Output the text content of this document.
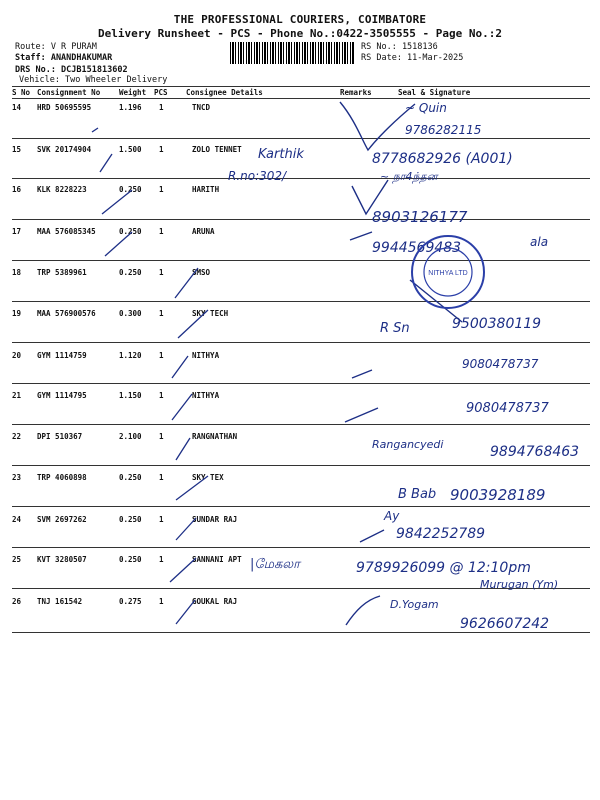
THE PROFESSIONAL COURIERS, COIMBATORE
Delivery Runsheet - PCS - Phone No.:0422-3505555 - Page No.:2
Route: V R PURAM
Staff: ANANDHAKUMAR
DRS No.: DCJB151813602
Vehicle: Two Wheeler Delivery
RS No.: 1518136
RS Date: 11-Mar-2025
S No Consignment No	Weight PCS Consignee Details	Remarks	Seal & Signature
14 HRD 50695595	1.196 1	TNCD
15 SVK 20174904	1.500 1	ZOLO TENNET
16 KLK 8228223	0.250 1	HARITH
17 MAA 576085345	0.250 1	ARUNA
18 TRP 5389961	0.250 1	SMSO
19 MAA 576900576	0.300 1	SKY TECH
20 GYM 1114759	1.120 1	NITHYA
21 GYM 1114795	1.150 1	NITHYA
22 DPI 510367	2.100 1	RANGNATHAN
23 TRP 4060898	0.250 1	SKY TEX
24 SVM 2697262	0.250 1	SUNDAR RAJ
25 KVT 3280507	0.250 1	SANNANI APT
26 TNJ 161542	0.275 1	GOUKAL RAJ
~ Quin
9786282115
Karthik
R.no:302/
8778682926 (A001)
~ நா4ந்தன
8903126177
9944569483	ala
R Sn	9500380119
9080478737
9080478737
Rangancyedi	9894768463
B Bab 9003928189
Ay
9842252789
|மேகலா	9789926099 @ 12:10pm
Murugan (Ym)
D.Yogam
9626607242
NITHYA LTD
